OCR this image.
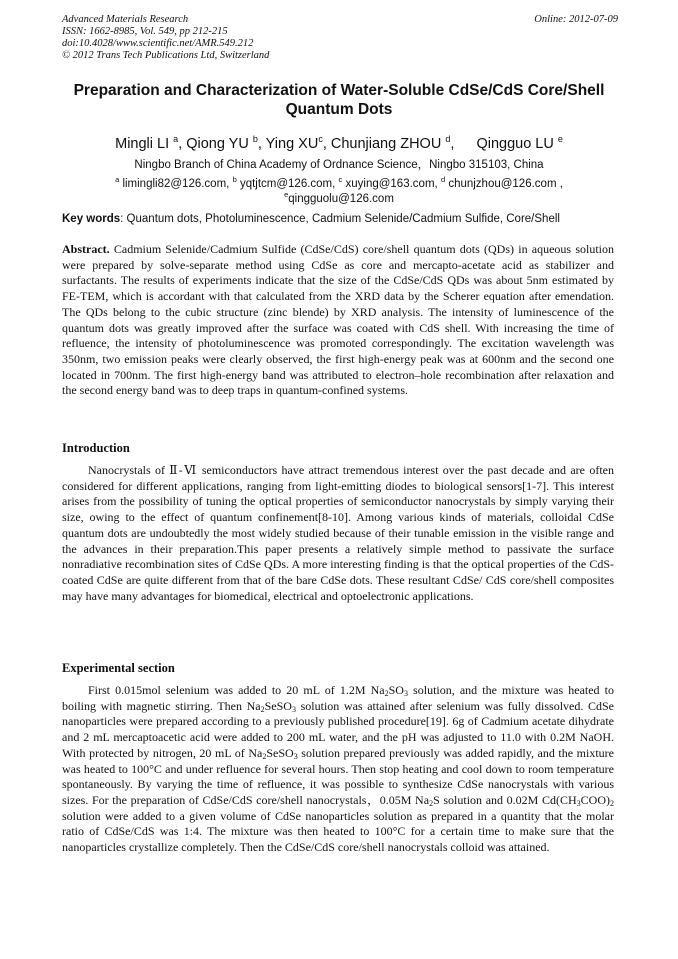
Advanced Materials Research
ISSN: 1662-8985, Vol. 549, pp 212-215
doi:10.4028/www.scientific.net/AMR.549.212
© 2012 Trans Tech Publications Ltd, Switzerland
Online: 2012-07-09
Preparation and Characterization of Water-Soluble CdSe/CdS Core/Shell Quantum Dots
Mingli LI $^a$, Qiong YU $^b$, Ying $XU^c$, Chunjiang ZHOU $^d$, Qingguo LU $^e$
Ningbo Branch of China Academy of Ordnance Science，Ningbo 315103, China
$^a$ limingli82@126.com, $^b$ yqtjtcm@126.com, $^c$ xuying@163.com, $^d$ chunjzhou@126.com ,
$^e$qingguolu@126.com
Key words: Quantum dots, Photoluminescence, Cadmium Selenide/Cadmium Sulfide, Core/Shell
Abstract. Cadmium Selenide/Cadmium Sulfide (CdSe/CdS) core/shell quantum dots (QDs) in aqueous solution were prepared by solve-separate method using CdSe as core and mercapto-acetate acid as stabilizer and surfactants. The results of experiments indicate that the size of the CdSe/CdS QDs was about 5nm estimated by FE-TEM, which is accordant with that calculated from the XRD data by the Scherer equation after emendation. The QDs belong to the cubic structure (zinc blende) by XRD analysis. The intensity of luminescence of the quantum dots was greatly improved after the surface was coated with CdS shell. With increasing the time of refluence, the intensity of photoluminescence was promoted correspondingly. The excitation wavelength was 350nm, two emission peaks were clearly observed, the first high-energy peak was at 600nm and the second one located in 700nm. The first high-energy band was attributed to electron–hole recombination after relaxation and the second energy band was to deep traps in quantum-confined systems.
Introduction
Nanocrystals of Ⅱ-Ⅵ semiconductors have attract tremendous interest over the past decade and are often considered for different applications, ranging from light-emitting diodes to biological sensors[1-7]. This interest arises from the possibility of tuning the optical properties of semiconductor nanocrystals by simply varying their size, owing to the effect of quantum confinement[8-10]. Among various kinds of materials, colloidal CdSe quantum dots are undoubtedly the most widely studied because of their tunable emission in the visible range and the advances in their preparation.This paper presents a relatively simple method to passivate the surface nonradiative recombination sites of CdSe QDs. A more interesting finding is that the optical properties of the CdS-coated CdSe are quite different from that of the bare CdSe dots. These resultant CdSe/ CdS core/shell composites may have many advantages for biomedical, electrical and optoelectronic applications.
Experimental section
First 0.015mol selenium was added to 20 mL of 1.2M $Na_2SO_3$ solution, and the mixture was heated to boiling with magnetic stirring. Then $Na_2SeSO_3$ solution was attained after selenium was fully dissolved. CdSe nanoparticles were prepared according to a previously published procedure[19]. 6g of Cadmium acetate dihydrate and 2 mL mercaptoacetic acid were added to 200 mL water, and the pH was adjusted to 11.0 with 0.2M NaOH. With protected by nitrogen, 20 mL of $Na_2SeSO_3$ solution prepared previously was added rapidly, and the mixture was heated to 100°C and under refluence for several hours. Then stop heating and cool down to room temperature spontaneously. By varying the time of refluence, it was possible to synthesize CdSe nanocrystals with various sizes. For the preparation of CdSe/CdS core/shell nanocrystals，0.05M $Na_2S$ solution and 0.02M $Cd(CH_3COO)_2$ solution were added to a given volume of CdSe nanoparticles solution as prepared in a quantity that the molar ratio of CdSe/CdS was 1:4. The mixture was then heated to 100°C for a certain time to make sure that the nanoparticles crystallize completely. Then the CdSe/CdS core/shell nanocrystals colloid was attained.
